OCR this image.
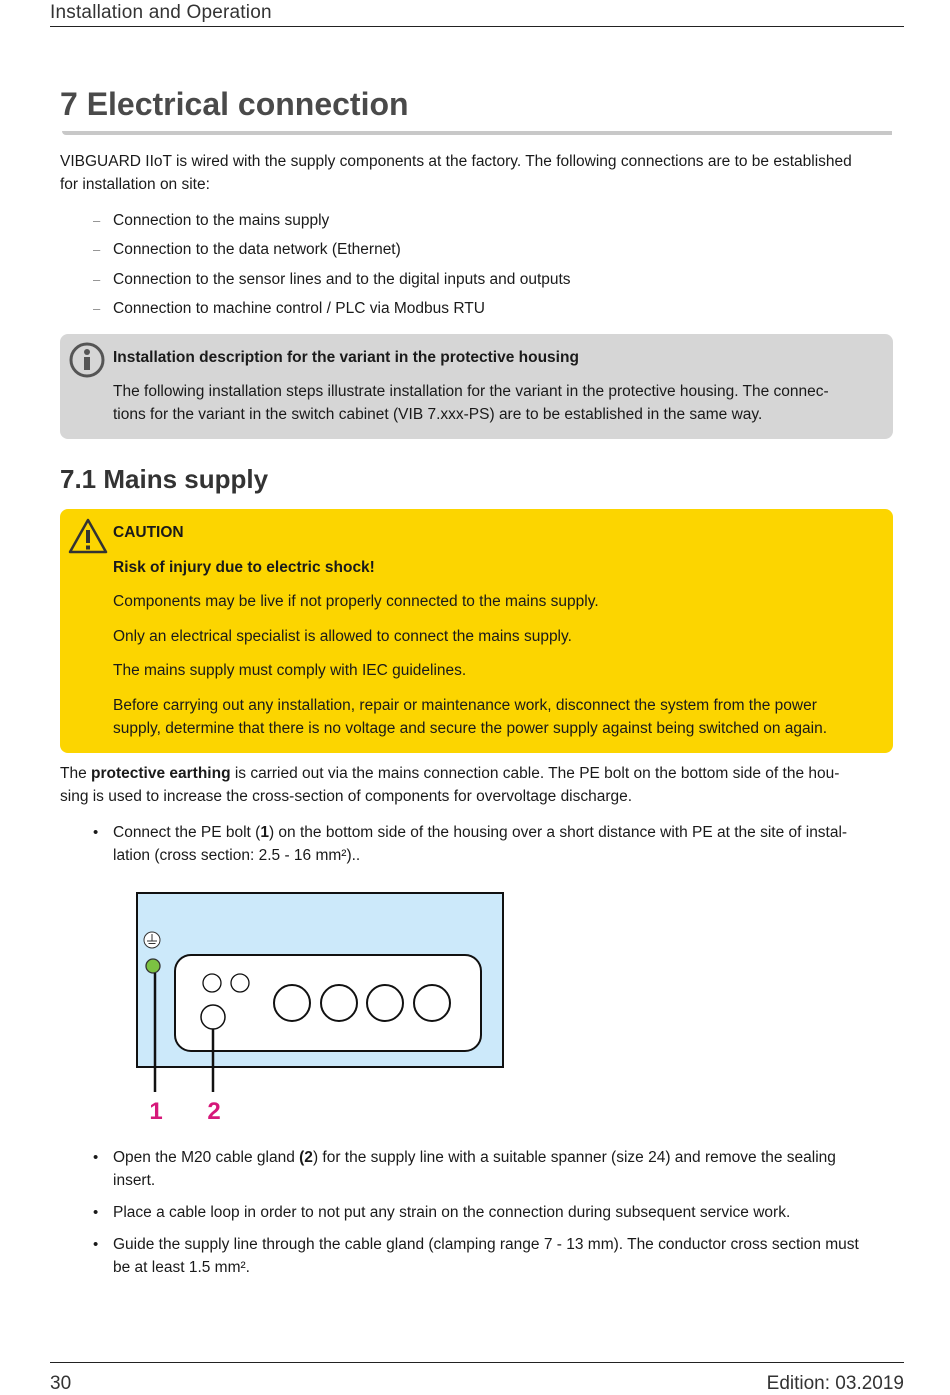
Installation and Operation
7 Electrical connection
VIBGUARD IIoT is wired with the supply components at the factory. The following connections are to be established
for installation on site:
– Connection to the mains supply
– Connection to the data network (Ethernet)
– Connection to the sensor lines and to the digital inputs and outputs
– Connection to machine control / PLC via Modbus RTU
Installation description for the variant in the protective housing
The following installation steps illustrate installation for the variant in the protective housing. The connec-
tions for the variant in the switch cabinet (VIB 7.xxx-PS) are to be established in the same way.
7.1 Mains supply
CAUTION
Risk of injury due to electric shock!
Components may be live if not properly connected to the mains supply.
Only an electrical specialist is allowed to connect the mains supply.
The mains supply must comply with IEC guidelines.
Before carrying out any installation, repair or maintenance work, disconnect the system from the power
supply, determine that there is no voltage and secure the power supply against being switched on again.
The protective earthing is carried out via the mains connection cable. The PE bolt on the bottom side of the hou-
sing is used to increase the cross-section of components for overvoltage discharge.
• Connect the PE bolt (1) on the bottom side of the housing over a short distance with PE at the site of instal-
lation (cross section: 2.5 - 16 mm²)..
1 2
• Open the M20 cable gland (2) for the supply line with a suitable spanner (size 24) and remove the sealing
insert.
• Place a cable loop in order to not put any strain on the connection during subsequent service work.
• Guide the supply line through the cable gland (clamping range 7 - 13 mm). The conductor cross section must
be at least 1.5 mm².
30	Edition: 03.2019
